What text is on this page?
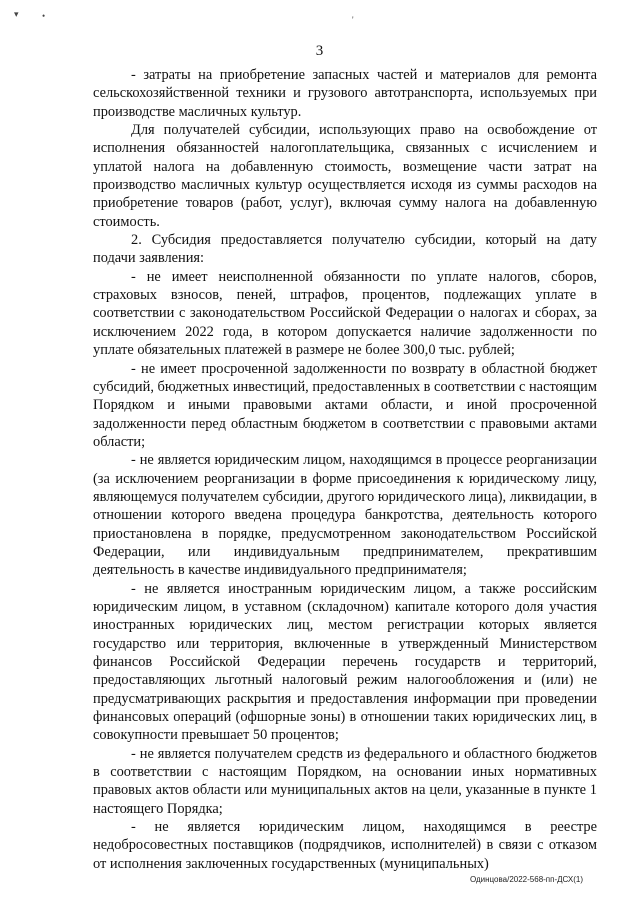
▾	•	'
3

- затраты на приобретение запасных частей и материалов для ремонта сельскохозяйственной техники и грузового автотранспорта, используемых при производстве масличных культур.

Для получателей субсидии, использующих право на освобождение от исполнения обязанностей налогоплательщика, связанных с исчислением и уплатой налога на добавленную стоимость, возмещение части затрат на производство масличных культур осуществляется исходя из суммы расходов на приобретение товаров (работ, услуг), включая сумму налога на добавленную стоимость.

2. Субсидия предоставляется получателю субсидии, который на дату подачи заявления:

- не имеет неисполненной обязанности по уплате налогов, сборов, страховых взносов, пеней, штрафов, процентов, подлежащих уплате в соответствии с законодательством Российской Федерации о налогах и сборах, за исключением 2022 года, в котором допускается наличие задолженности по уплате обязательных платежей в размере не более 300,0 тыс. рублей;

- не имеет просроченной задолженности по возврату в областной бюджет субсидий, бюджетных инвестиций, предоставленных в соответствии с настоящим Порядком и иными правовыми актами области, и иной просроченной задолженности перед областным бюджетом в соответствии с правовыми актами области;

- не является юридическим лицом, находящимся в процессе реорганизации (за исключением реорганизации в форме присоединения к юридическому лицу, являющемуся получателем субсидии, другого юридического лица), ликвидации, в отношении которого введена процедура банкротства, деятельность которого приостановлена в порядке, предусмотренном законодательством Российской Федерации, или индивидуальным предпринимателем, прекратившим деятельность в качестве индивидуального предпринимателя;

- не является иностранным юридическим лицом, а также российским юридическим лицом, в уставном (складочном) капитале которого доля участия иностранных юридических лиц, местом регистрации которых является государство или территория, включенные в утвержденный Министерством финансов Российской Федерации перечень государств и территорий, предоставляющих льготный налоговый режим налогообложения и (или) не предусматривающих раскрытия и предоставления информации при проведении финансовых операций (офшорные зоны) в отношении таких юридических лиц, в совокупности превышает 50 процентов;

- не является получателем средств из федерального и областного бюджетов в соответствии с настоящим Порядком, на основании иных нормативных правовых актов области или муниципальных актов на цели, указанные в пункте 1 настоящего Порядка;

- не является юридическим лицом, находящимся в реестре недобросовестных поставщиков (подрядчиков, исполнителей) в связи с отказом от исполнения заключенных государственных (муниципальных)

Одинцова/2022-568-пп-ДСХ(1)
